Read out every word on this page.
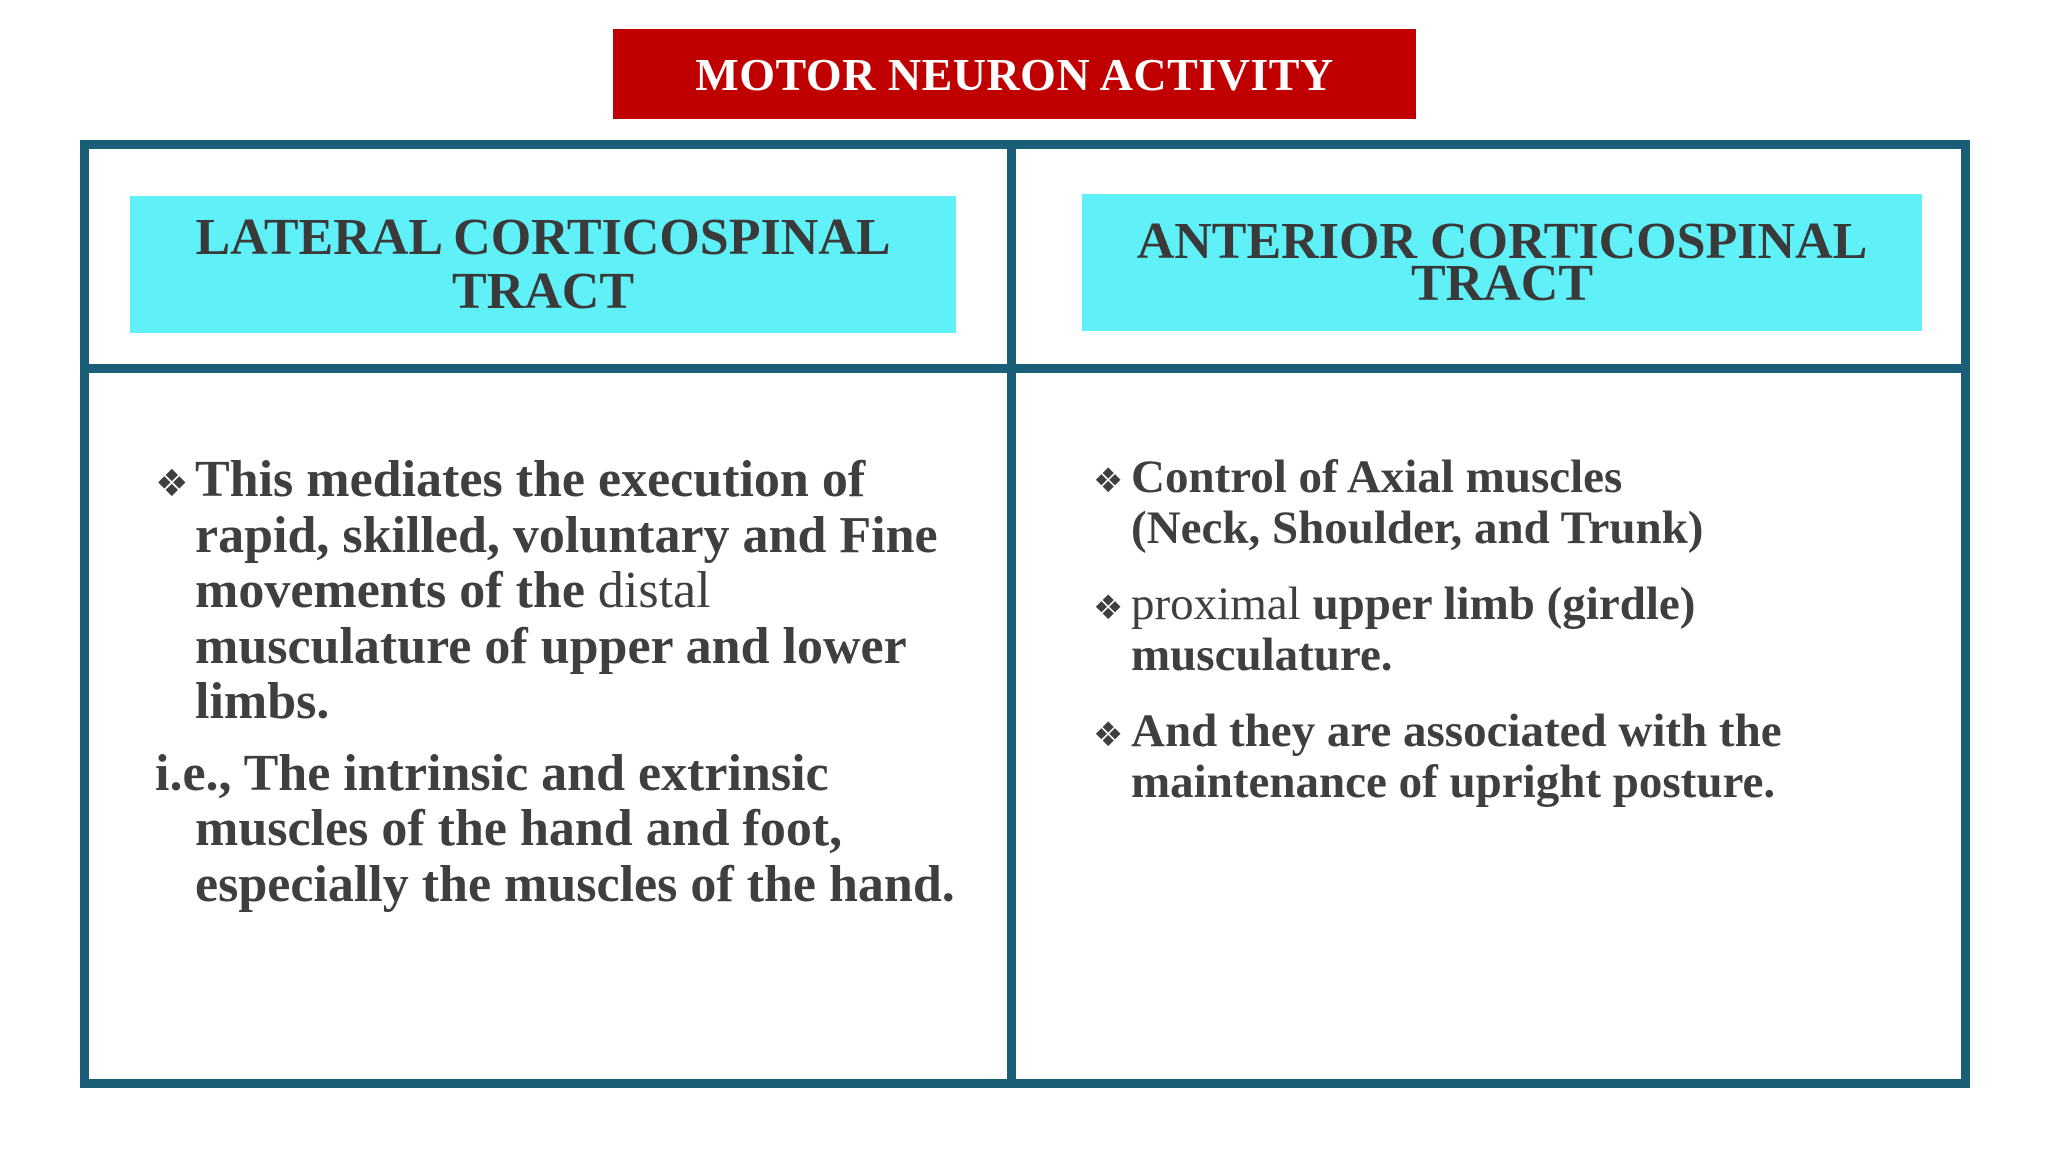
MOTOR NEURON ACTIVITY
LATERAL CORTICOSPINAL
TRACT
ANTERIOR CORTICOSPINAL
TRACT
❖ This mediates the execution of rapid, skilled, voluntary and Fine movements of the distal musculature of upper and lower limbs.
i.e., The intrinsic and extrinsic muscles of the hand and foot, especially the muscles of the hand.
❖ Control of Axial muscles
(Neck, Shoulder, and Trunk)
❖ proximal upper limb (girdle) musculature.
❖ And they are associated with the maintenance of upright posture.
